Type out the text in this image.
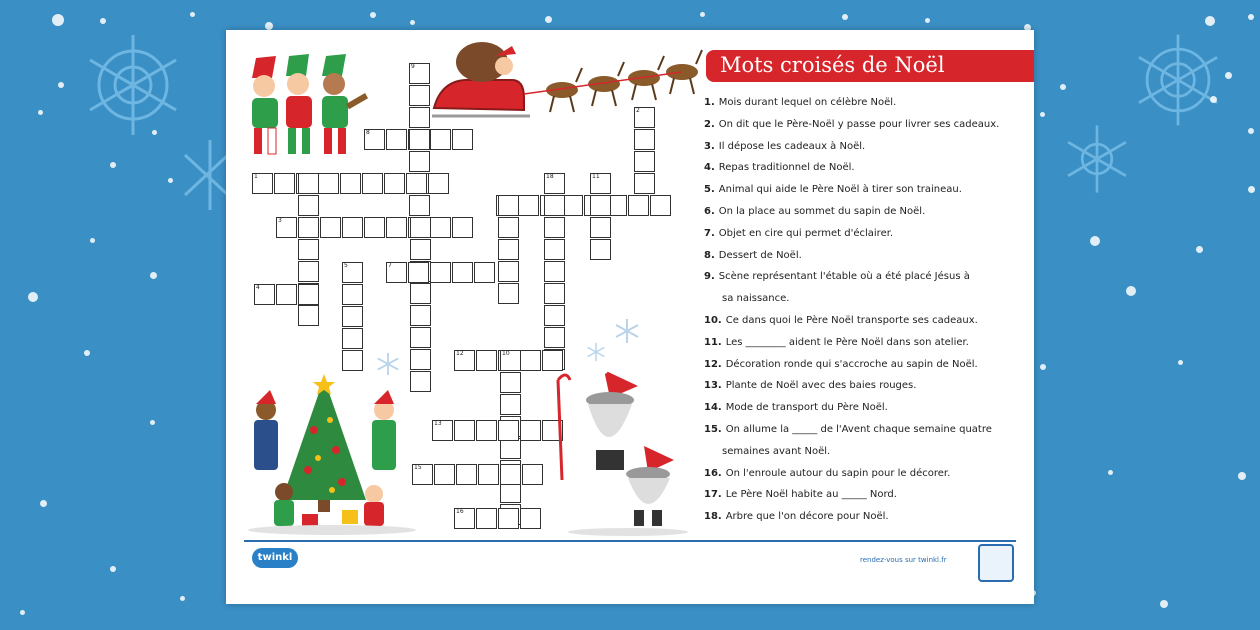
8
9
1
3
7
5
4
18	11
2
12	10
13
15
16
Mots croisés de Noël
1. Mois durant lequel on célèbre Noël.
2. On dit que le Père-Noël y passe pour livrer ses cadeaux.
3. Il dépose les cadeaux à Noël.
4. Repas traditionnel de Noël.
5. Animal qui aide le Père Noël à tirer son traineau.
6. On la place au sommet du sapin de Noël.
7. Objet en cire qui permet d'éclairer.
8. Dessert de Noël.
9. Scène représentant l'étable où a été placé Jésus à
sa naissance.
10. Ce dans quoi le Père Noël transporte ses cadeaux.
11. Les ________ aident le Père Noël dans son atelier.
12. Décoration ronde qui s'accroche au sapin de Noël.
13. Plante de Noël avec des baies rouges.
14. Mode de transport du Père Noël.
15. On allume la _____ de l'Avent chaque semaine quatre
semaines avant Noël.
16. On l'enroule autour du sapin pour le décorer.
17. Le Père Noël habite au _____ Nord.
18. Arbre que l'on décore pour Noël.
twinkl	rendez-vous sur twinkl.fr
